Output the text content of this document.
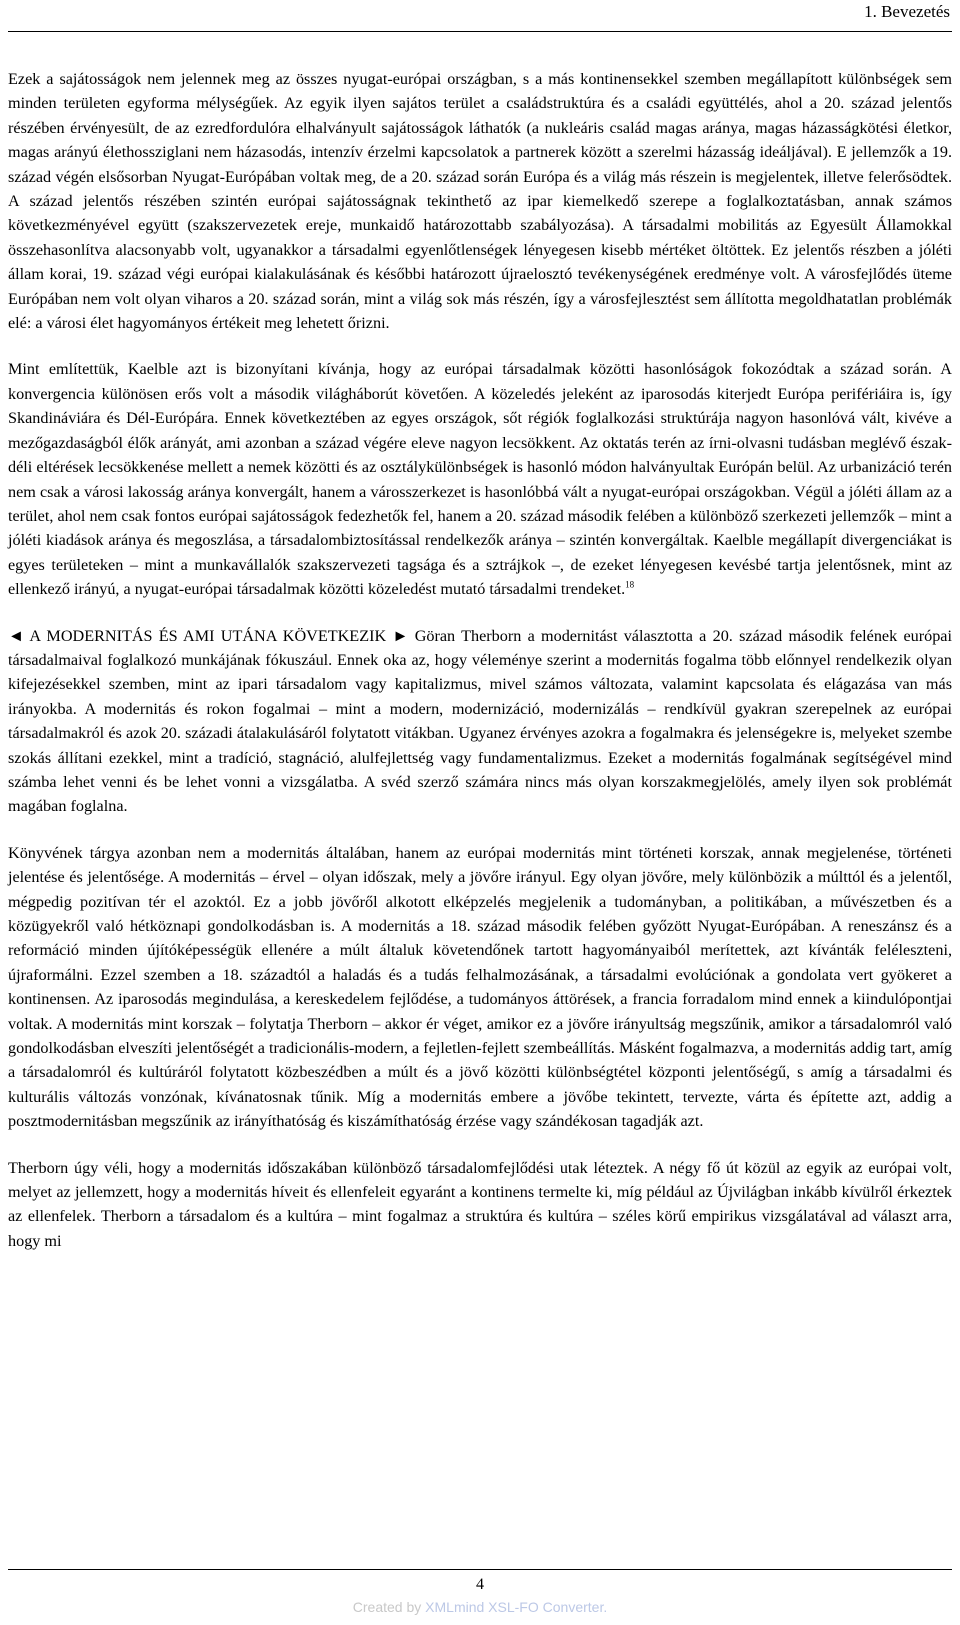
1. Bevezetés

Ezek a sajátosságok nem jelennek meg az összes nyugat-európai országban, s a más kontinensekkel szemben megállapított különbségek sem minden területen egyforma mélységűek. Az egyik ilyen sajátos terület a családstruktúra és a családi együttélés, ahol a 20. század jelentős részében érvényesült, de az ezredfordulóra elhalványult sajátosságok láthatók (a nukleáris család magas aránya, magas házasságkötési életkor, magas arányú élethossziglani nem házasodás, intenzív érzelmi kapcsolatok a partnerek között a szerelmi házasság ideáljával). E jellemzők a 19. század végén elsősorban Nyugat-Európában voltak meg, de a 20. század során Európa és a világ más részein is megjelentek, illetve felerősödtek. A század jelentős részében szintén európai sajátosságnak tekinthető az ipar kiemelkedő szerepe a foglalkoztatásban, annak számos következményével együtt (szakszervezetek ereje, munkaidő határozottabb szabályozása). A társadalmi mobilitás az Egyesült Államokkal összehasonlítva alacsonyabb volt, ugyanakkor a társadalmi egyenlőtlenségek lényegesen kisebb mértéket öltöttek. Ez jelentős részben a jóléti állam korai, 19. század végi európai kialakulásának és későbbi határozott újraelosztó tevékenységének eredménye volt. A városfejlődés üteme Európában nem volt olyan viharos a 20. század során, mint a világ sok más részén, így a városfejlesztést sem állította megoldhatatlan problémák elé: a városi élet hagyományos értékeit meg lehetett őrizni.

Mint említettük, Kaelble azt is bizonyítani kívánja, hogy az európai társadalmak közötti hasonlóságok fokozódtak a század során. A konvergencia különösen erős volt a második világháborút követően. A közeledés jeleként az iparosodás kiterjedt Európa perifériáira is, így Skandináviára és Dél-Európára. Ennek következtében az egyes országok, sőt régiók foglalkozási struktúrája nagyon hasonlóvá vált, kivéve a mezőgazdaságból élők arányát, ami azonban a század végére eleve nagyon lecsökkent. Az oktatás terén az írni-olvasni tudásban meglévő észak-déli eltérések lecsökkenése mellett a nemek közötti és az osztálykülönbségek is hasonló módon halványultak Európán belül. Az urbanizáció terén nem csak a városi lakosság aránya konvergált, hanem a városszerkezet is hasonlóbbá vált a nyugat-európai országokban. Végül a jóléti állam az a terület, ahol nem csak fontos európai sajátosságok fedezhetők fel, hanem a 20. század második felében a különböző szerkezeti jellemzők – mint a jóléti kiadások aránya és megoszlása, a társadalombiztosítással rendelkezők aránya – szintén konvergáltak. Kaelble megállapít divergenciákat is egyes területeken – mint a munkavállalók szakszervezeti tagsága és a sztrájkok –, de ezeket lényegesen kevésbé tartja jelentősnek, mint az ellenkező irányú, a nyugat-európai társadalmak közötti közeledést mutató társadalmi trendeket.$^{18}$

◄ A MODERNITÁS ÉS AMI UTÁNA KÖVETKEZIK ► Göran Therborn a modernitást választotta a 20. század második felének európai társadalmaival foglalkozó munkájának fókuszául. Ennek oka az, hogy véleménye szerint a modernitás fogalma több előnnyel rendelkezik olyan kifejezésekkel szemben, mint az ipari társadalom vagy kapitalizmus, mivel számos változata, valamint kapcsolata és elágazása van más irányokba. A modernitás és rokon fogalmai – mint a modern, modernizáció, modernizálás – rendkívül gyakran szerepelnek az európai társadalmakról és azok 20. századi átalakulásáról folytatott vitákban. Ugyanez érvényes azokra a fogalmakra és jelenségekre is, melyeket szembe szokás állítani ezekkel, mint a tradíció, stagnáció, alulfejlettség vagy fundamentalizmus. Ezeket a modernitás fogalmának segítségével mind számba lehet venni és be lehet vonni a vizsgálatba. A svéd szerző számára nincs más olyan korszakmegjelölés, amely ilyen sok problémát magában foglalna.

Könyvének tárgya azonban nem a modernitás általában, hanem az európai modernitás mint történeti korszak, annak megjelenése, történeti jelentése és jelentősége. A modernitás – érvel – olyan időszak, mely a jövőre irányul. Egy olyan jövőre, mely különbözik a múlttól és a jelentől, mégpedig pozitívan tér el azoktól. Ez a jobb jövőről alkotott elképzelés megjelenik a tudományban, a politikában, a művészetben és a közügyekről való hétköznapi gondolkodásban is. A modernitás a 18. század második felében győzött Nyugat-Európában. A reneszánsz és a reformáció minden újítóképességük ellenére a múlt általuk követendőnek tartott hagyományaiból merítettek, azt kívánták feléleszteni, újraformálni. Ezzel szemben a 18. századtól a haladás és a tudás felhalmozásának, a társadalmi evolúciónak a gondolata vert gyökeret a kontinensen. Az iparosodás megindulása, a kereskedelem fejlődése, a tudományos áttörések, a francia forradalom mind ennek a kiindulópontjai voltak. A modernitás mint korszak – folytatja Therborn – akkor ér véget, amikor ez a jövőre irányultság megszűnik, amikor a társadalomról való gondolkodásban elveszíti jelentőségét a tradicionális-modern, a fejletlen-fejlett szembeállítás. Másként fogalmazva, a modernitás addig tart, amíg a társadalomról és kultúráról folytatott közbeszédben a múlt és a jövő közötti különbségtétel központi jelentőségű, s amíg a társadalmi és kulturális változás vonzónak, kívánatosnak tűnik. Míg a modernitás embere a jövőbe tekintett, tervezte, várta és építette azt, addig a posztmodernitásban megszűnik az irányíthatóság és kiszámíthatóság érzése vagy szándékosan tagadják azt.

Therborn úgy véli, hogy a modernitás időszakában különböző társadalomfejlődési utak léteztek. A négy fő út közül az egyik az európai volt, melyet az jellemzett, hogy a modernitás híveit és ellenfeleit egyaránt a kontinens termelte ki, míg például az Újvilágban inkább kívülről érkeztek az ellenfelek. Therborn a társadalom és a kultúra – mint fogalmaz a struktúra és kultúra – széles körű empirikus vizsgálatával ad választ arra, hogy mi

4
Created by XMLmind XSL-FO Converter.
